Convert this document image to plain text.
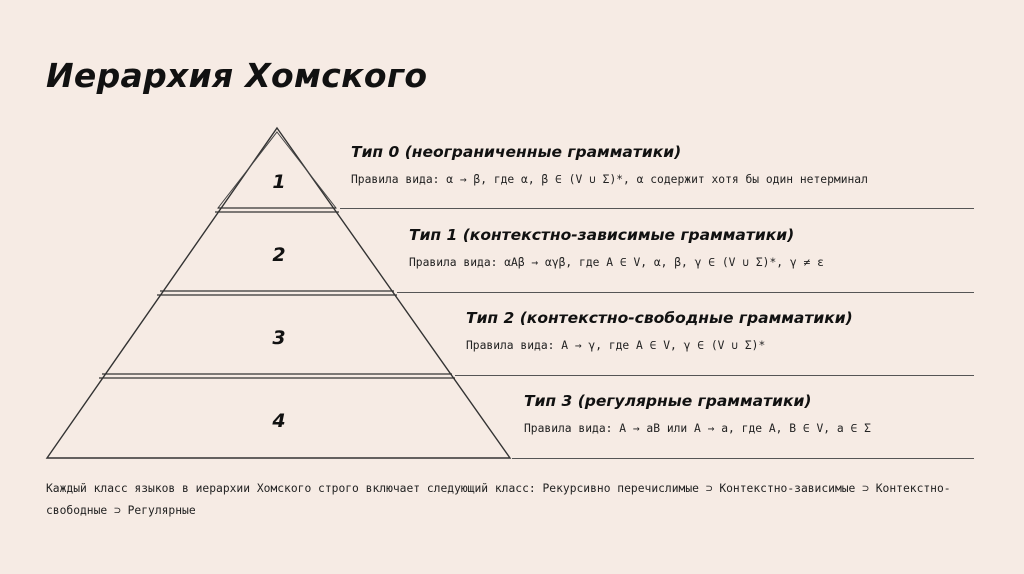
Иерархия Хомского
1
2
3
4
Тип 0 (неограниченные грамматики)
Правила вида: α → β, где α, β ∈ (V ∪ Σ)*, α содержит хотя бы один нетерминал
Тип 1 (контекстно-зависимые грамматики)
Правила вида: αAβ → αγβ, где A ∈ V, α, β, γ ∈ (V ∪ Σ)*, γ ≠ ε
Тип 2 (контекстно-свободные грамматики)
Правила вида: A → γ, где A ∈ V, γ ∈ (V ∪ Σ)*
Тип 3 (регулярные грамматики)
Правила вида: A → aB или A → a, где A, B ∈ V, a ∈ Σ
Каждый класс языков в иерархии Хомского строго включает следующий класс: Рекурсивно перечислимые ⊃ Контекстно-зависимые ⊃ Контекстно-свободные ⊃ Регулярные
